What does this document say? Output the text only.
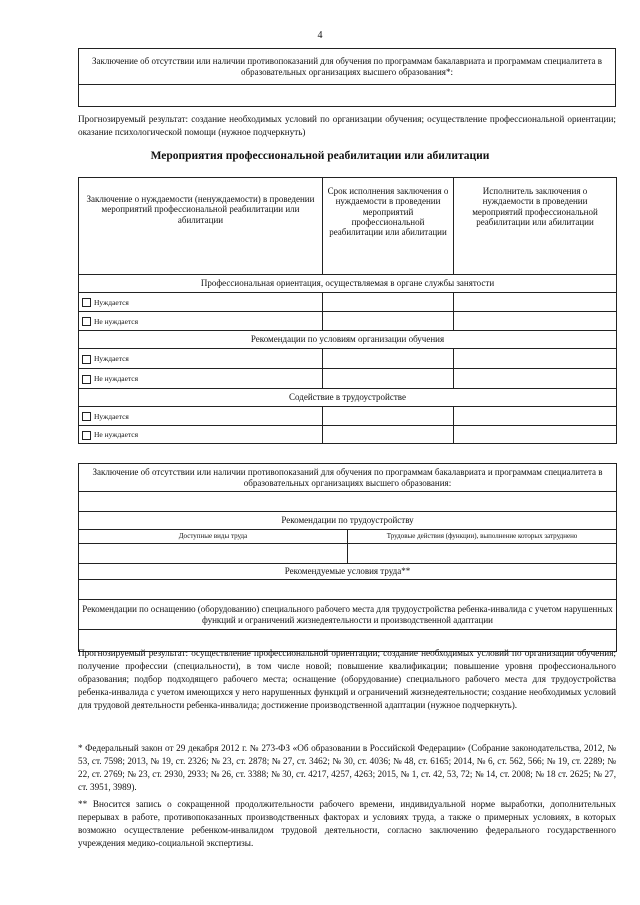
4
Заключение об отсутствии или наличии противопоказаний для обучения по программам бакалавриата и программам специалитета в образовательных организациях высшего образования*:

Прогнозируемый результат: создание необходимых условий по организации обучения; осуществление профессиональной ориентации; оказание психологической помощи (нужное подчеркнуть)
Мероприятия профессиональной реабилитации или абилитации
Заключение о нуждаемости (ненуждаемости) в проведении мероприятий профессиональной реабилитации или абилитации	Срок исполнения заключения о нуждаемости в проведении мероприятий профессиональной реабилитации или абилитации	Исполнитель заключения о нуждаемости в проведении мероприятий профессиональной реабилитации или абилитации
Профессиональная ориентация, осуществляемая в органе службы занятости		
Нуждается		
Не нуждается		
Рекомендации по условиям организации обучения		
Нуждается		
Не нуждается		
Содействие в трудоустройстве		
Нуждается		
Не нуждается		
Заключение об отсутствии или наличии противопоказаний для обучения по программам бакалавриата и программам специалитета в образовательных организациях высшего образования:	

Рекомендации по трудоустройству	
Доступные виды труда	Трудовые действия (функции), выполнение которых затруднено

Рекомендуемые условия труда**	

Рекомендации по оснащению (оборудованию) специального рабочего места для трудоустройства ребенка-инвалида с учетом нарушенных функций и ограничений жизнедеятельности и производственной адаптации	

Прогнозируемый результат: осуществление профессиональной ориентации; создание необходимых условий по организации обучения; получение профессии (специальности), в том числе новой; повышение квалификации; повышение уровня профессионального образования; подбор подходящего рабочего места; оснащение (оборудование) специального рабочего места для трудоустройства ребенка-инвалида с учетом имеющихся у него нарушенных функций и ограничений жизнедеятельности; создание необходимых условий для трудовой деятельности ребенка-инвалида; достижение производственной адаптации (нужное подчеркнуть).
* Федеральный закон от 29 декабря 2012 г. № 273-ФЗ «Об образовании в Российской Федерации» (Собрание законодательства, 2012, № 53, ст. 7598; 2013, № 19, ст. 2326; № 23, ст. 2878; № 27, ст. 3462; № 30, ст. 4036; № 48, ст. 6165; 2014, № 6, ст. 562, 566; № 19, ст. 2289; № 22, ст. 2769; № 23, ст. 2930, 2933; № 26, ст. 3388; № 30, ст. 4217, 4257, 4263; 2015, № 1, ст. 42, 53, 72; № 14, ст. 2008; № 18 ст. 2625; № 27, ст. 3951, 3989).
** Вносится запись о сокращенной продолжительности рабочего времени, индивидуальной норме выработки, дополнительных перерывах в работе, противопоказанных производственных факторах и условиях труда, а также о примерных условиях, в которых возможно осуществление ребенком-инвалидом трудовой деятельности, согласно заключению федерального государственного учреждения медико-социальной экспертизы.
